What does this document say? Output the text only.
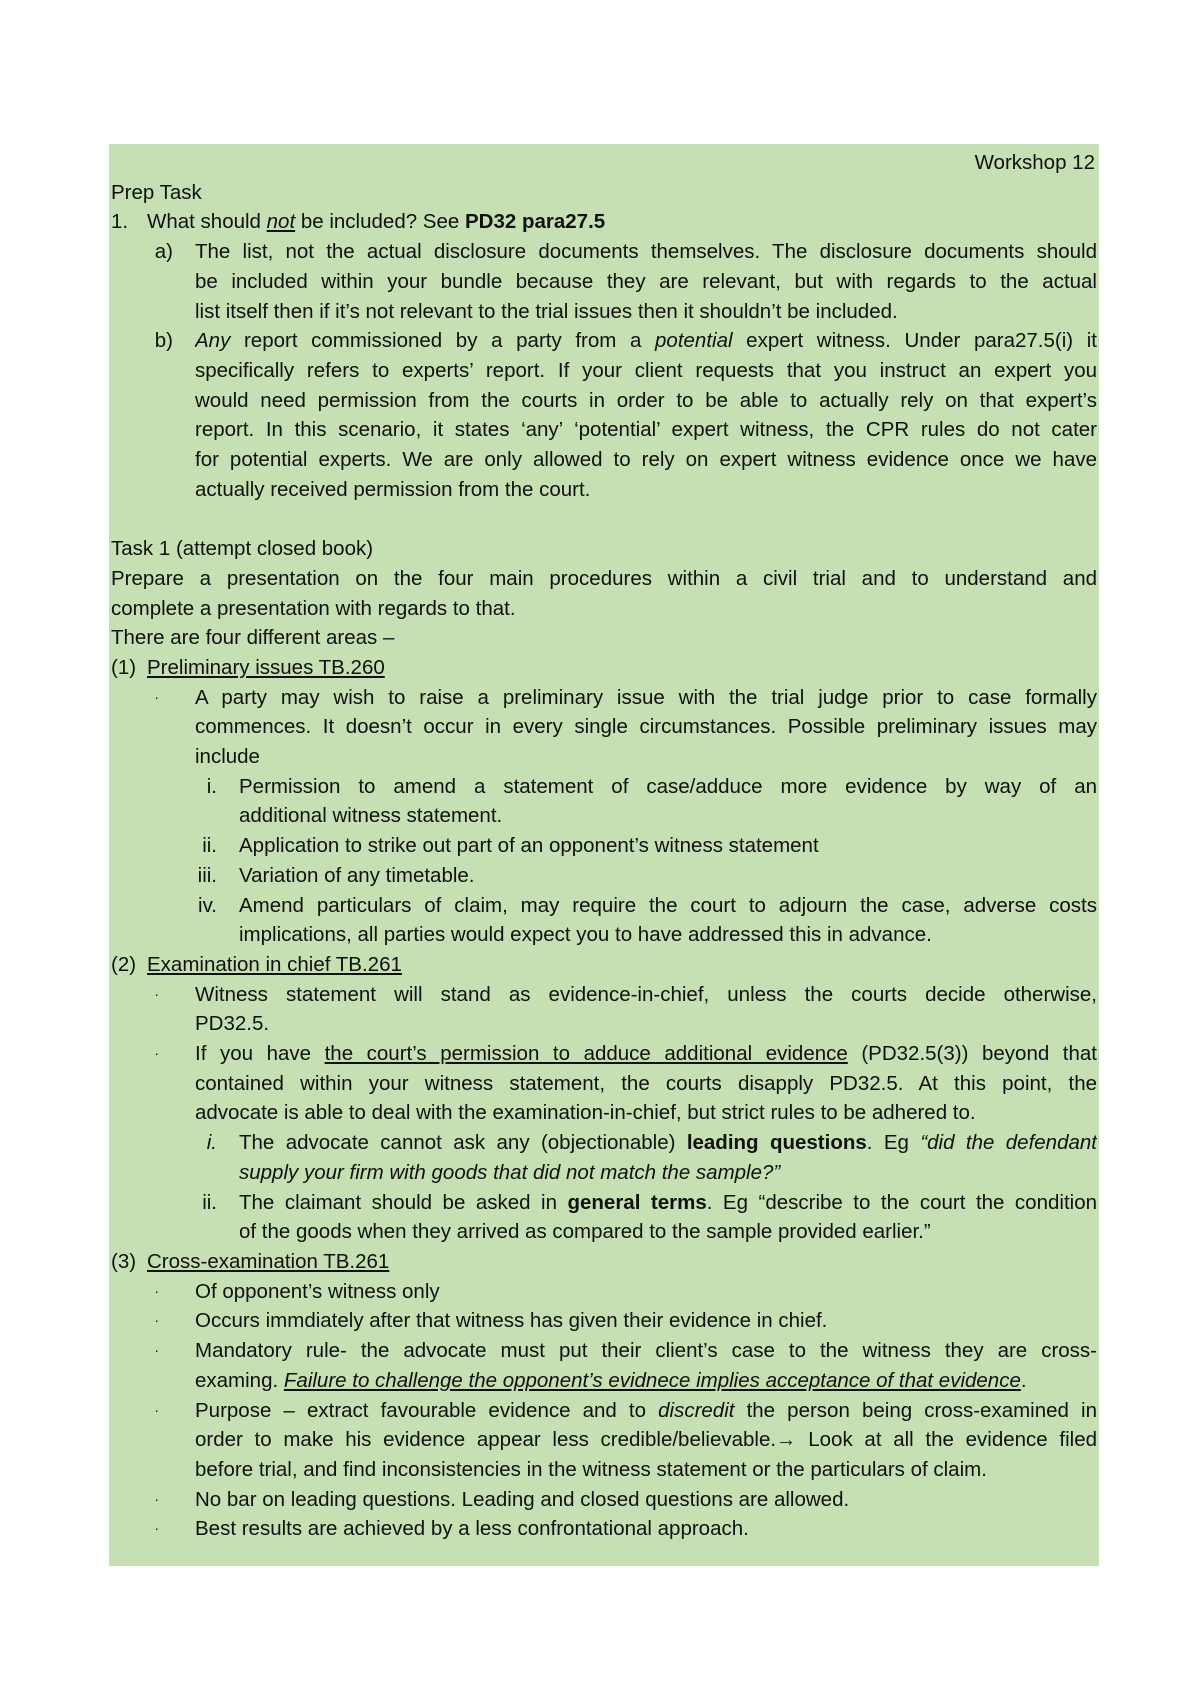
Workshop 12
Prep Task
1. What should not be included? See PD32 para27.5
a)	The list, not the actual disclosure documents themselves. The disclosure documents should
be included within your bundle because they are relevant, but with regards to the actual
list itself then if it’s not relevant to the trial issues then it shouldn’t be included.
b)	Any report commissioned by a party from a potential expert witness. Under para27.5(i) it
specifically refers to experts’ report. If your client requests that you instruct an expert you
would need permission from the courts in order to be able to actually rely on that expert’s
report. In this scenario, it states ‘any’ ‘potential’ expert witness, the CPR rules do not cater
for potential experts. We are only allowed to rely on expert witness evidence once we have
actually received permission from the court.
Task 1 (attempt closed book)
Prepare a presentation on the four main procedures within a civil trial and to understand and
complete a presentation with regards to that.
There are four different areas –
(1) Preliminary issues TB.260
·	A party may wish to raise a preliminary issue with the trial judge prior to case formally
commences. It doesn’t occur in every single circumstances. Possible preliminary issues may
include
i.	Permission to amend a statement of case/adduce more evidence by way of an
additional witness statement.
ii.	Application to strike out part of an opponent’s witness statement
iii.	Variation of any timetable.
iv.	Amend particulars of claim, may require the court to adjourn the case, adverse costs
implications, all parties would expect you to have addressed this in advance.
(2) Examination in chief TB.261
·	Witness statement will stand as evidence-in-chief, unless the courts decide otherwise,
PD32.5.
·	If you have the court’s permission to adduce additional evidence (PD32.5(3)) beyond that
contained within your witness statement, the courts disapply PD32.5. At this point, the
advocate is able to deal with the examination-in-chief, but strict rules to be adhered to.
i.	The advocate cannot ask any (objectionable) leading questions. Eg “did the defendant
supply your firm with goods that did not match the sample?”
ii.	The claimant should be asked in general terms. Eg “describe to the court the condition
of the goods when they arrived as compared to the sample provided earlier.”
(3) Cross-examination TB.261
·	Of opponent’s witness only
·	Occurs immdiately after that witness has given their evidence in chief.
·	Mandatory rule- the advocate must put their client’s case to the witness they are cross-
examing. Failure to challenge the opponent’s evidnece implies acceptance of that evidence.
·	Purpose – extract favourable evidence and to discredit the person being cross-examined in
order to make his evidence appear less credible/believable.→ Look at all the evidence filed
before trial, and find inconsistencies in the witness statement or the particulars of claim.
·	No bar on leading questions. Leading and closed questions are allowed.
·	Best results are achieved by a less confrontational approach.
